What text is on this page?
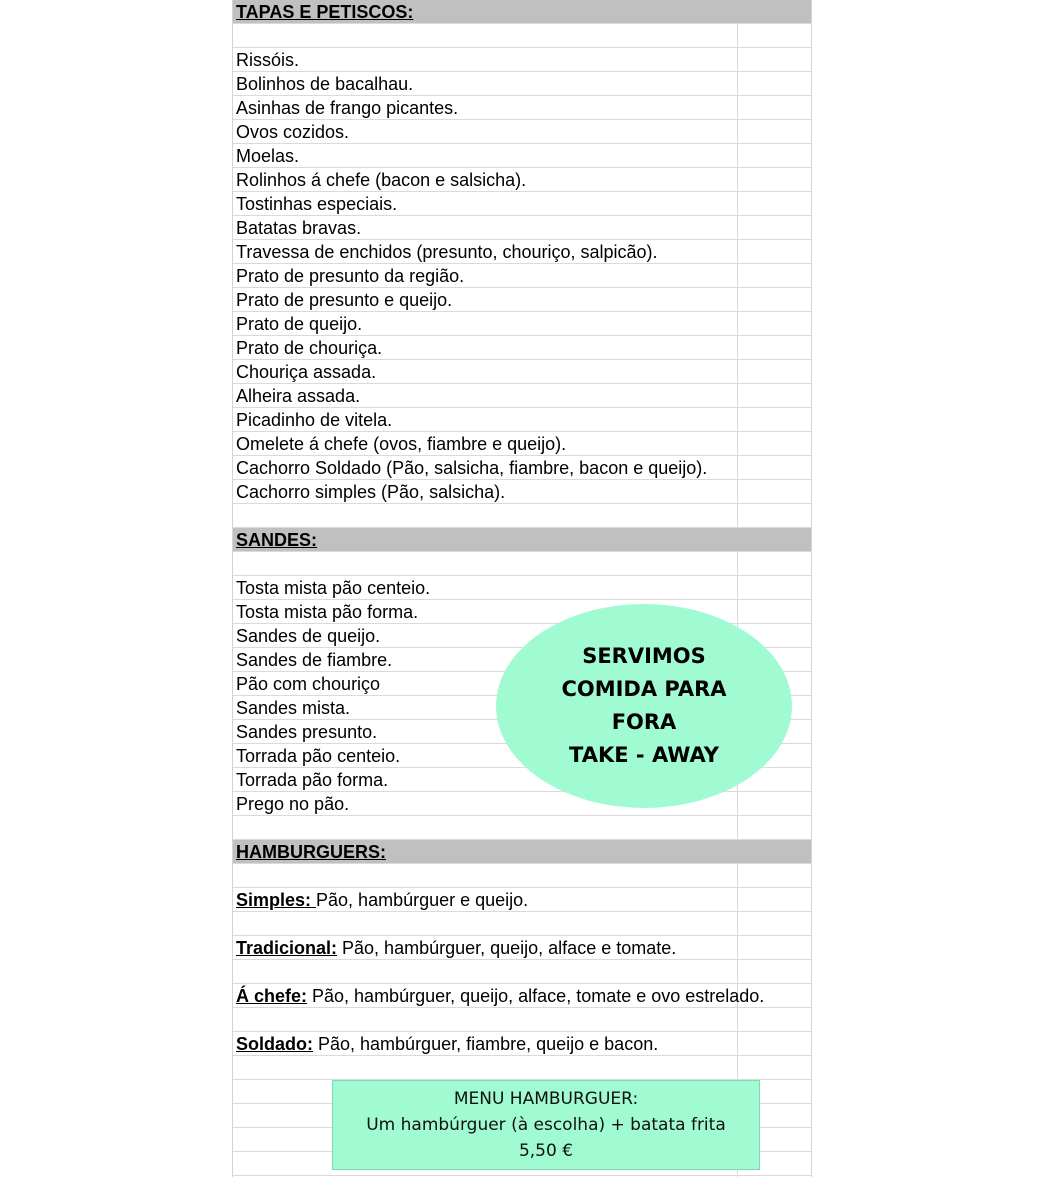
TAPAS E PETISCOS:
Rissóis.
Bolinhos de bacalhau.
Asinhas de frango picantes.
Ovos cozidos.
Moelas.
Rolinhos á chefe (bacon e salsicha).
Tostinhas especiais.
Batatas bravas.
Travessa de enchidos (presunto, chouriço, salpicão).
Prato de presunto da região.
Prato de presunto e queijo.
Prato de queijo.
Prato de chouriça.
Chouriça assada.
Alheira assada.
Picadinho de vitela.
Omelete á chefe (ovos, fiambre e queijo).
Cachorro Soldado (Pão, salsicha, fiambre, bacon e queijo).
Cachorro simples (Pão, salsicha).
SANDES:
Tosta mista pão centeio.
Tosta mista pão forma.
Sandes de queijo.
Sandes de fiambre.
Pão com chouriço
Sandes mista.
Sandes presunto.
Torrada pão centeio.
Torrada pão forma.
Prego no pão.
HAMBURGUERS:
Simples: Pão, hambúrguer e queijo.
Tradicional: Pão, hambúrguer, queijo, alface e tomate.
Á chefe: Pão, hambúrguer, queijo, alface, tomate e ovo estrelado.
Soldado: Pão, hambúrguer, fiambre, queijo e bacon.
SERVIMOS
COMIDA PARA
FORA
TAKE - AWAY
MENU HAMBURGUER:
Um hambúrguer (à escolha) + batata frita
5,50 €
